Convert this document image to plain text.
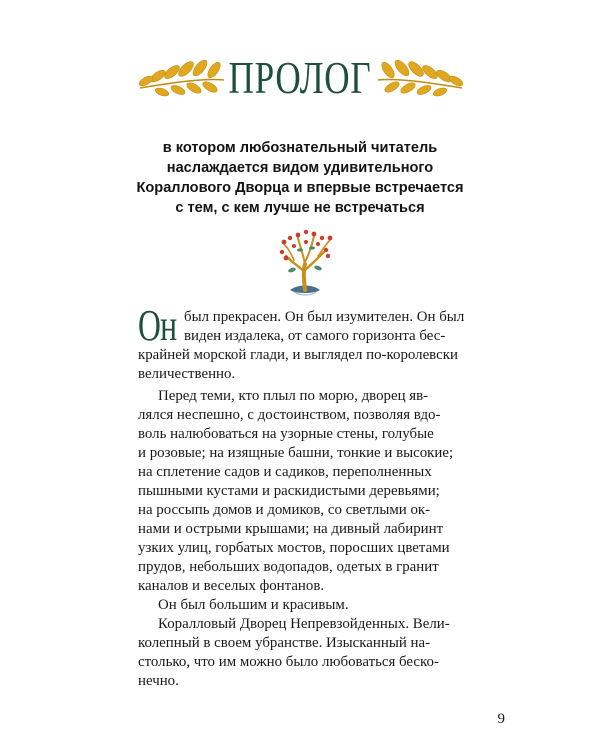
ПРОЛОГ
в котором любознательный читатель
наслаждается видом удивительного
Кораллового Дворца и впервые встречается
с тем, с кем лучше не встречаться
Он был прекрасен. Он был изумителен. Он был
виден издалека, от самого горизонта бес-
крайней морской глади, и выглядел по-королевски
величественно.
Перед теми, кто плыл по морю, дворец яв-
лялся неспешно, с достоинством, позволяя вдо-
воль налюбоваться на узорные стены, голубые
и розовые; на изящные башни, тонкие и высокие;
на сплетение садов и садиков, переполненных
пышными кустами и раскидистыми деревьями;
на россыпь домов и домиков, со светлыми ок-
нами и острыми крышами; на дивный лабиринт
узких улиц, горбатых мостов, поросших цветами
прудов, небольших водопадов, одетых в гранит
каналов и веселых фонтанов.
Он был большим и красивым.
Коралловый Дворец Непревзойденных. Вели-
колепный в своем убранстве. Изысканный на-
столько, что им можно было любоваться беско-
нечно.
9
